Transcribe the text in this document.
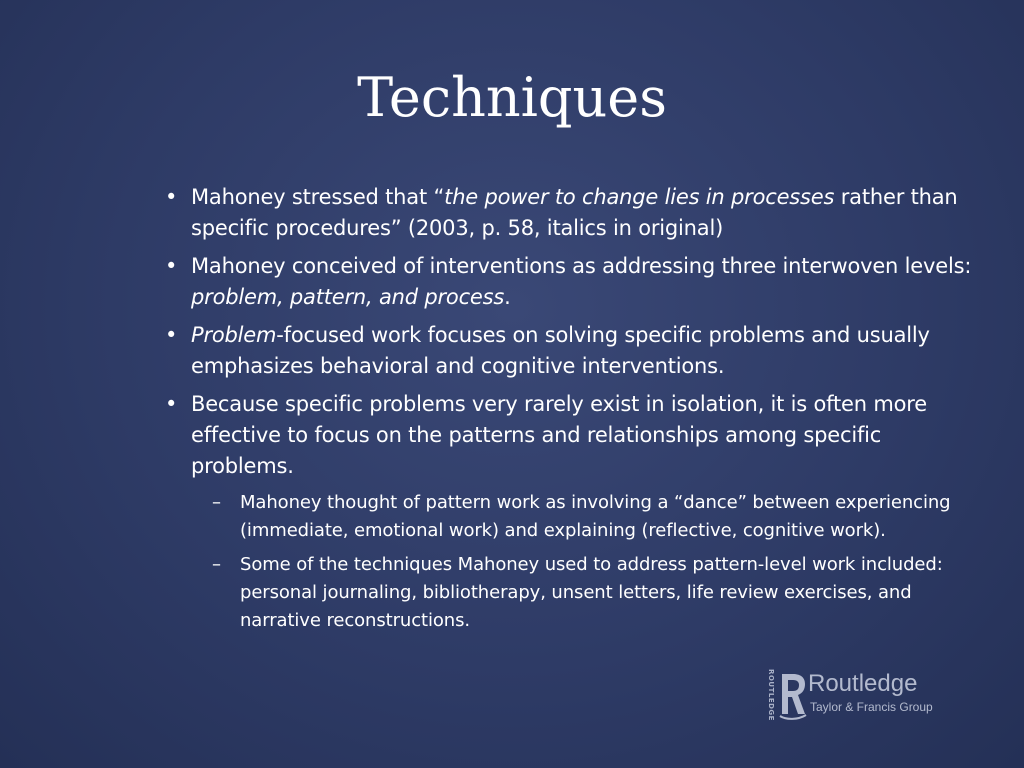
Techniques
• Mahoney stressed that “the power to change lies in processes rather than specific procedures” (2003, p. 58, italics in original)
• Mahoney conceived of interventions as addressing three interwoven levels: problem, pattern, and process.
• Problem-focused work focuses on solving specific problems and usually emphasizes behavioral and cognitive interventions.
• Because specific problems very rarely exist in isolation, it is often more effective to focus on the patterns and relationships among specific problems.
– Mahoney thought of pattern work as involving a “dance” between experiencing (immediate, emotional work) and explaining (reflective, cognitive work).
– Some of the techniques Mahoney used to address pattern-level work included: personal journaling, bibliotherapy, unsent letters, life review exercises, and narrative reconstructions.
ROUTLEDGE Routledge
Taylor & Francis Group
